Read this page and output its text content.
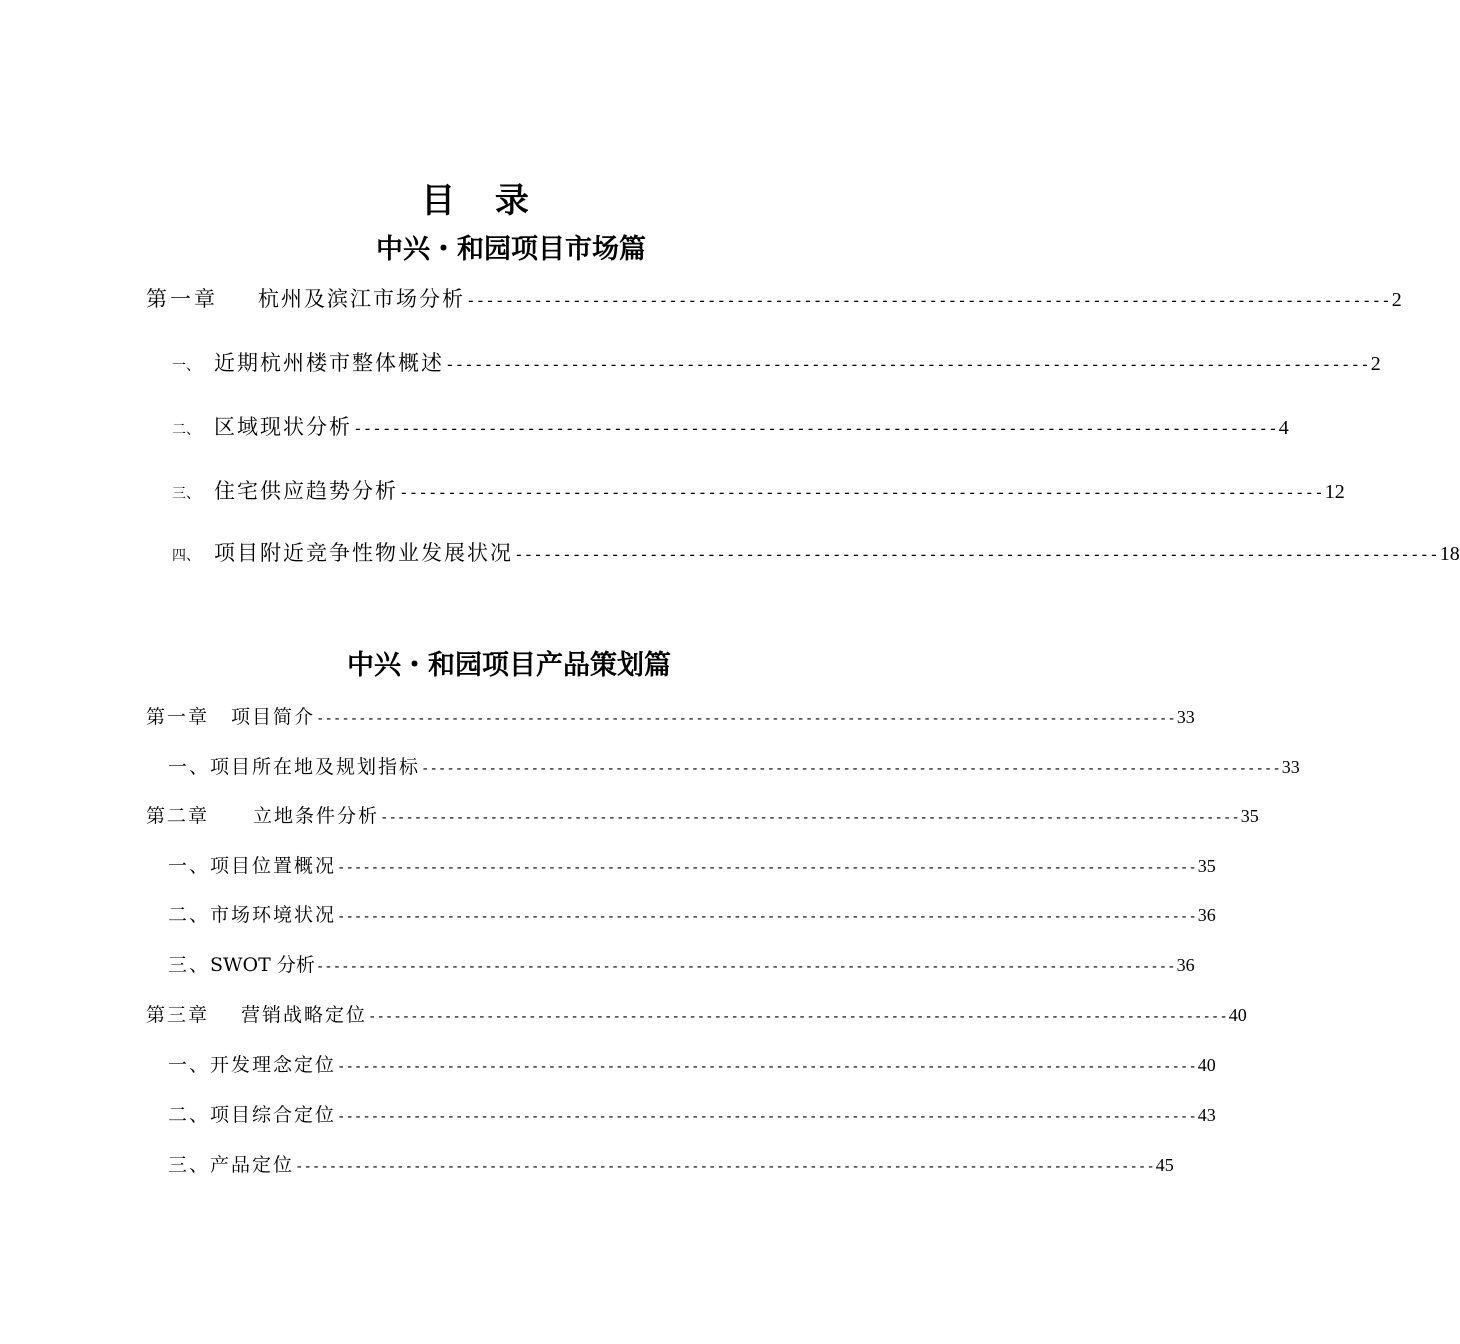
目 录
中兴・和园项目市场篇
第一章 杭州及滨江市场分析 ------------------------------------------------------------------------------------------------ 2
一、 近期杭州楼市整体概述 ------------------------------------------------------------------------------------------------ 2
二、 区域现状分析 ------------------------------------------------------------------------------------------------ 4
三、 住宅供应趋势分析 ------------------------------------------------------------------------------------------------ 12
四、 项目附近竞争性物业发展状况 ------------------------------------------------------------------------------------------------ 18
中兴・和园项目产品策划篇
第一章 项目简介 ------------------------------------------------------------------------------------------------------ 33
一、 项目所在地及规划指标 ------------------------------------------------------------------------------------------------------ 33
第二章 立地条件分析 ------------------------------------------------------------------------------------------------------ 35
一、 项目位置概况 ------------------------------------------------------------------------------------------------------ 35
二、 市场环境状况 ------------------------------------------------------------------------------------------------------ 36
三、 SWOT 分析 ------------------------------------------------------------------------------------------------------ 36
第三章 营销战略定位 ------------------------------------------------------------------------------------------------------ 40
一、 开发理念定位 ------------------------------------------------------------------------------------------------------ 40
二、 项目综合定位 ------------------------------------------------------------------------------------------------------ 43
三、 产品定位 ------------------------------------------------------------------------------------------------------ 45
